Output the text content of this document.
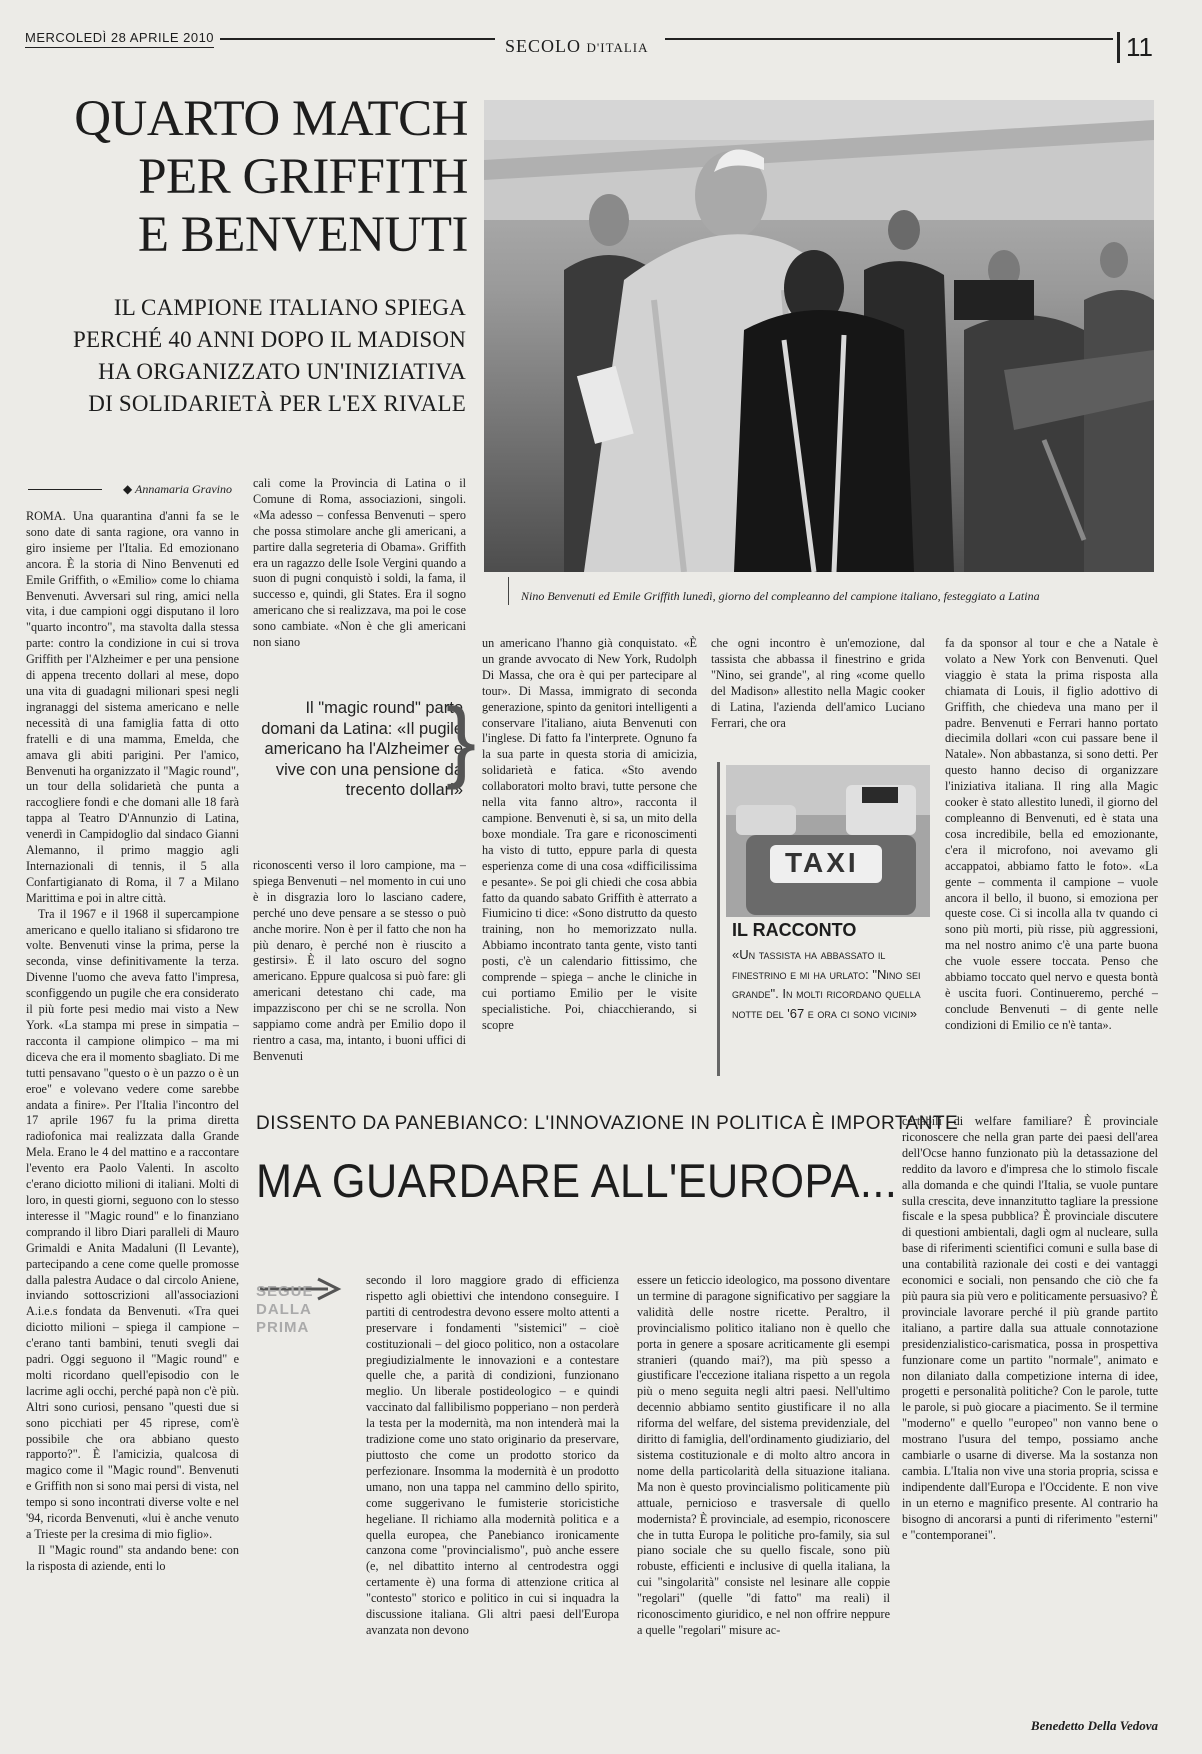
MERCOLEDÌ 28 APRILE 2010	SECOLO D'ITALIA	11
QUARTO MATCH
PER GRIFFITH
E BENVENUTI
IL CAMPIONE ITALIANO SPIEGA
PERCHÉ 40 ANNI DOPO IL MADISON
HA ORGANIZZATO UN'INIZIATIVA
DI SOLIDARIETÀ PER L'EX RIVALE
Nino Benvenuti ed Emile Griffith lunedì, giorno del compleanno del campione italiano, festeggiato a Latina
◆ Annamaria Gravino

ROMA. Una quarantina d'anni fa se le sono date di santa ragione, ora vanno in giro insieme per l'Italia. Ed emozionano ancora. È la storia di Nino Benvenuti ed Emile Griffith, o «Emilio» come lo chiama Benvenuti. Avversari sul ring, amici nella vita, i due campioni oggi disputano il loro "quarto incontro", ma stavolta dalla stessa parte: contro la condizione in cui si trova Griffith per l'Alzheimer e per una pensione di appena trecento dollari al mese, dopo una vita di guadagni milionari spesi negli ingranaggi del sistema americano e nelle necessità di una famiglia fatta di otto fratelli e di una mamma, Emelda, che amava gli abiti parigini. Per l'amico, Benvenuti ha organizzato il "Magic round", un tour della solidarietà che punta a raccogliere fondi e che domani alle 18 farà tappa al Teatro D'Annunzio di Latina, venerdì in Campidoglio dal sindaco Gianni Alemanno, il primo maggio agli Internazionali di tennis, il 5 alla Confartigianato di Roma, il 7 a Milano Marittima e poi in altre città.

Tra il 1967 e il 1968 il supercampione americano e quello italiano si sfidarono tre volte. Benvenuti vinse la prima, perse la seconda, vinse definitivamente la terza. Divenne l'uomo che aveva fatto l'impresa, sconfiggendo un pugile che era considerato il più forte pesi medio mai visto a New York. «La stampa mi prese in simpatia – racconta il campione olimpico – ma mi diceva che era il momento sbagliato. Di me tutti pensavano "questo o è un pazzo o è un eroe" e volevano vedere come sarebbe andata a finire». Per l'Italia l'incontro del 17 aprile 1967 fu la prima diretta radiofonica mai realizzata dalla Grande Mela. Erano le 4 del mattino e a raccontare l'evento era Paolo Valenti. In ascolto c'erano diciotto milioni di italiani. Molti di loro, in questi giorni, seguono con lo stesso interesse il "Magic round" e lo finanziano comprando il libro Diari paralleli di Mauro Grimaldi e Anita Madaluni (Il Levante), partecipando a cene come quelle promosse dalla palestra Audace o dal circolo Aniene, inviando sottoscrizioni all'associazioni A.i.e.s fondata da Benvenuti. «Tra quei diciotto milioni – spiega il campione – c'erano tanti bambini, tenuti svegli dai padri. Oggi seguono il "Magic round" e molti ricordano quell'episodio con le lacrime agli occhi, perché papà non c'è più. Altri sono curiosi, pensano "questi due si sono picchiati per 45 riprese, com'è possibile che ora abbiano questo rapporto?". È l'amicizia, qualcosa di magico come il "Magic round". Benvenuti e Griffith non si sono mai persi di vista, nel tempo si sono incontrati diverse volte e nel '94, ricorda Benvenuti, «lui è anche venuto a Trieste per la cresima di mio figlio».

Il "Magic round" sta andando bene: con la risposta di aziende, enti lo

cali come la Provincia di Latina o il Comune di Roma, associazioni, singoli. «Ma adesso – confessa Benvenuti – spero che possa stimolare anche gli americani, a partire dalla segreteria di Obama». Griffith era un ragazzo delle Isole Vergini quando a suon di pugni conquistò i soldi, la fama, il successo e, quindi, gli States. Era il sogno americano che si realizzava, ma poi le cose sono cambiate. «Non è che gli americani non siano

Il "magic round" parte domani da Latina: «Il pugile americano ha l'Alzheimer e vive con una pensione da trecento dollari»
}

riconoscenti verso il loro campione, ma – spiega Benvenuti – nel momento in cui uno è in disgrazia loro lo lasciano cadere, perché uno deve pensare a se stesso o può anche morire. Non è per il fatto che non ha più denaro, è perché non è riuscito a gestirsi». È il lato oscuro del sogno americano. Eppure qualcosa si può fare: gli americani detestano chi cade, ma impazziscono per chi se ne scrolla. Non sappiamo come andrà per Emilio dopo il rientro a casa, ma, intanto, i buoni uffici di Benvenuti

un americano l'hanno già conquistato. «È un grande avvocato di New York, Rudolph Di Massa, che ora è qui per partecipare al tour». Di Massa, immigrato di seconda generazione, spinto da genitori intelligenti a conservare l'italiano, aiuta Benvenuti con l'inglese. Di fatto fa l'interprete. Ognuno fa la sua parte in questa storia di amicizia, solidarietà e fatica. «Sto avendo collaboratori molto bravi, tutte persone che nella vita fanno altro», racconta il campione. Benvenuti è, si sa, un mito della boxe mondiale. Tra gare e riconoscimenti ha visto di tutto, eppure parla di questa esperienza come di una cosa «difficilissima e pesante». Se poi gli chiedi che cosa abbia fatto da quando sabato Griffith è atterrato a Fiumicino ti dice: «Sono distrutto da questo training, non ho memorizzato nulla. Abbiamo incontrato tanta gente, visto tanti posti, c'è un calendario fittissimo, che comprende – spiega – anche le cliniche in cui portiamo Emilio per le visite specialistiche. Poi, chiacchierando, si scopre

che ogni incontro è un'emozione, dal tassista che abbassa il finestrino e grida "Nino, sei grande", al ring «come quello del Madison» allestito nella Magic cooker di Latina, l'azienda dell'amico Luciano Ferrari, che ora

TAXI
IL RACCONTO
«Un tassista ha abbassato il finestrino e mi ha urlato: "Nino sei grande". In molti ricordano quella notte del '67 e ora ci sono vicini»

fa da sponsor al tour e che a Natale è volato a New York con Benvenuti. Quel viaggio è stata la prima risposta alla chiamata di Louis, il figlio adottivo di Griffith, che chiedeva una mano per il padre. Benvenuti e Ferrari hanno portato diecimila dollari «con cui passare bene il Natale». Non abbastanza, si sono detti. Per questo hanno deciso di organizzare l'iniziativa italiana. Il ring alla Magic cooker è stato allestito lunedì, il giorno del compleanno di Benvenuti, ed è stata una cosa incredibile, bella ed emozionante, c'era il microfono, noi avevamo gli accappatoi, abbiamo fatto le foto». «La gente – commenta il campione – vuole ancora il bello, il buono, si emoziona per queste cose. Ci si incolla alla tv quando ci sono più morti, più risse, più aggressioni, ma nel nostro animo c'è una parte buona che vuole essere toccata. Penso che abbiamo toccato quel nervo e questa bontà è uscita fuori. Continueremo, perché – conclude Benvenuti – di gente nelle condizioni di Emilio ce n'è tanta».

DISSENTO DA PANEBIANCO: L'INNOVAZIONE IN POLITICA È IMPORTANTE
MA GUARDARE ALL'EUROPA...
SEGUE DALLA PRIMA

secondo il loro maggiore grado di efficienza rispetto agli obiettivi che intendono conseguire. I partiti di centrodestra devono essere molto attenti a preservare i fondamenti "sistemici" – cioè costituzionali – del gioco politico, non a ostacolare pregiudizialmente le innovazioni e a contestare quelle che, a parità di condizioni, funzionano meglio. Un liberale postideologico – e quindi vaccinato dal fallibilismo popperiano – non perderà la testa per la modernità, ma non intenderà mai la tradizione come uno stato originario da preservare, piuttosto che come un prodotto storico da perfezionare. Insomma la modernità è un prodotto umano, non una tappa nel cammino dello spirito, come suggerivano le fumisterie storicistiche hegeliane. Il richiamo alla modernità politica e a quella europea, che Panebianco ironicamente canzona come "provincialismo", può anche essere (e, nel dibattito interno al centrodestra oggi certamente è) una forma di attenzione critica al "contesto" storico e politico in cui si inquadra la discussione italiana. Gli altri paesi dell'Europa avanzata non devono

essere un feticcio ideologico, ma possono diventare un termine di paragone significativo per saggiare la validità delle nostre ricette. Peraltro, il provincialismo politico italiano non è quello che porta in genere a sposare acriticamente gli esempi stranieri (quando mai?), ma più spesso a giustificare l'eccezione italiana rispetto a un regola più o meno seguita negli altri paesi. Nell'ultimo decennio abbiamo sentito giustificare il no alla riforma del welfare, del sistema previdenziale, del diritto di famiglia, dell'ordinamento giudiziario, del sistema costituzionale e di molto altro ancora in nome della particolarità della situazione italiana. Ma non è questo provincialismo politicamente più attuale, pernicioso e trasversale di quello modernista? È provinciale, ad esempio, riconoscere che in tutta Europa le politiche pro-family, sia sul piano sociale che su quello fiscale, sono più robuste, efficienti e inclusive di quella italiana, la cui "singolarità" consiste nel lesinare alle coppie "regolari" (quelle "di fatto" ma reali) il riconoscimento giuridico, e nel non offrire neppure a quelle "regolari" misure ac-

certabili di welfare familiare? È provinciale riconoscere che nella gran parte dei paesi dell'area dell'Ocse hanno funzionato più la detassazione del reddito da lavoro e d'impresa che lo stimolo fiscale alla domanda e che quindi l'Italia, se vuole puntare sulla crescita, deve innanzitutto tagliare la pressione fiscale e la spesa pubblica? È provinciale discutere di questioni ambientali, dagli ogm al nucleare, sulla base di riferimenti scientifici comuni e sulla base di una contabilità razionale dei costi e dei vantaggi economici e sociali, non pensando che ciò che fa più paura sia più vero e politicamente persuasivo? È provinciale lavorare perché il più grande partito italiano, a partire dalla sua attuale connotazione presidenzialistico-carismatica, possa in prospettiva funzionare come un partito "normale", animato e non dilaniato dalla competizione interna di idee, progetti e personalità politiche? Con le parole, tutte le parole, si può giocare a piacimento. Se il termine "moderno" e quello "europeo" non vanno bene o mostrano l'usura del tempo, possiamo anche cambiarle o usarne di diverse. Ma la sostanza non cambia. L'Italia non vive una storia propria, scissa e indipendente dall'Europa e l'Occidente. E non vive in un eterno e magnifico presente. Al contrario ha bisogno di ancorarsi a punti di riferimento "esterni" e "contemporanei".

Benedetto Della Vedova
